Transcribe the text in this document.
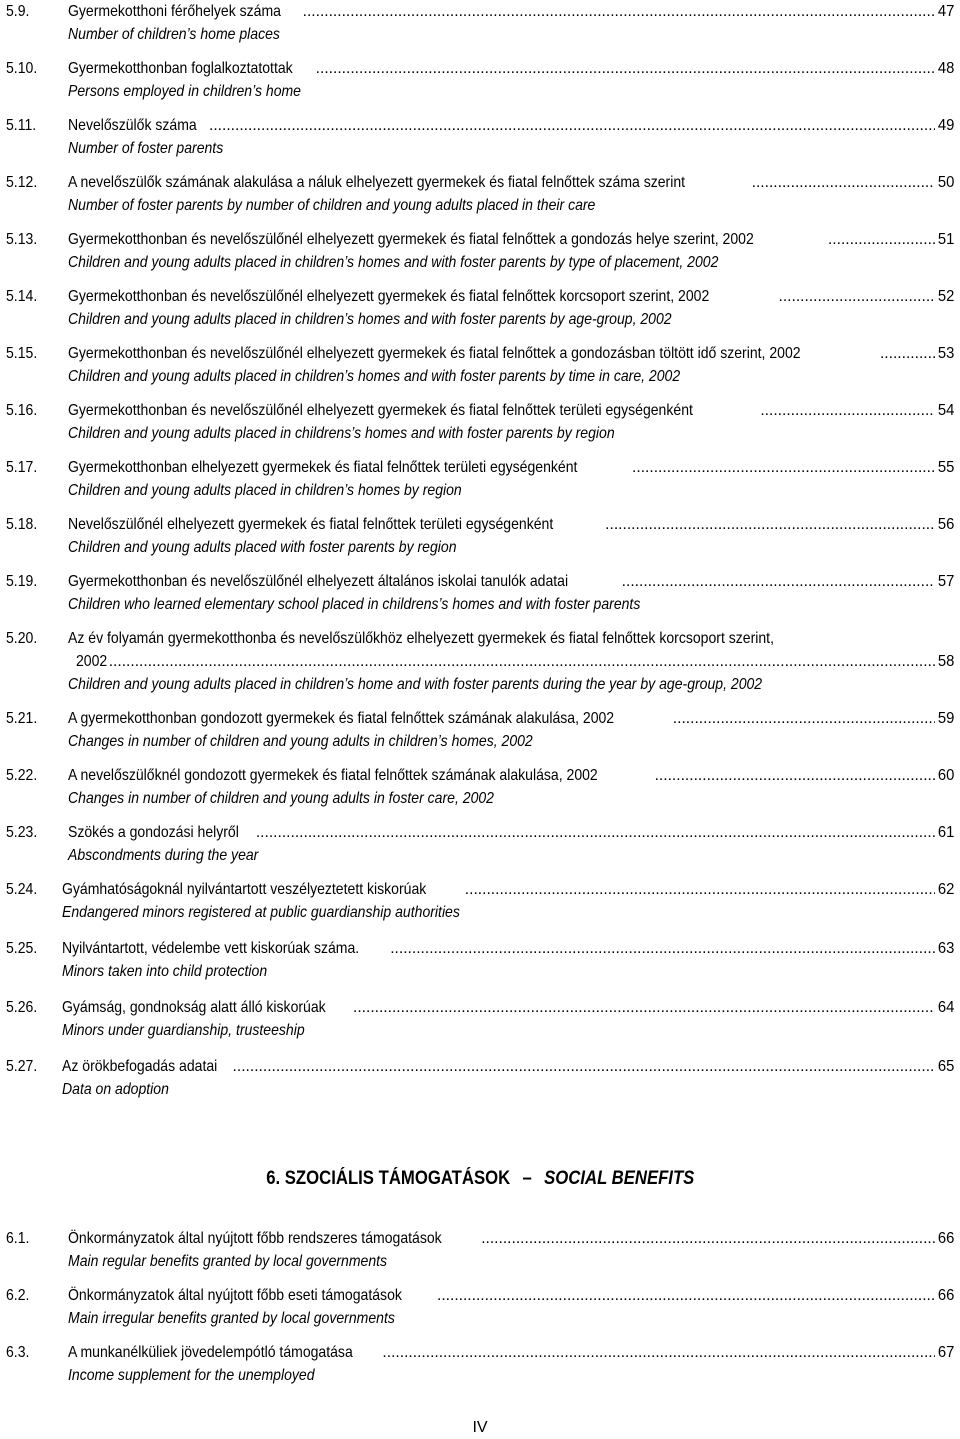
5.9. Gyermekotthoni férőhelyek száma .....	47
Number of children’s home places
5.10. Gyermekotthonban foglalkoztatottak .....	48
Persons employed in children’s home
5.11. Nevelőszülők száma .....	49
Number of foster parents
5.12. A nevelőszülők számának alakulása a náluk elhelyezett gyermekek és fiatal felnőttek száma szerint .....	50
Number of foster parents by number of children and young adults placed in their care
5.13. Gyermekotthonban és nevelőszülőnél elhelyezett gyermekek és fiatal felnőttek a gondozás helye szerint, 2002 .....	51
Children and young adults placed in children’s homes and with foster parents by type of placement, 2002
5.14. Gyermekotthonban és nevelőszülőnél elhelyezett gyermekek és fiatal felnőttek korcsoport szerint, 2002 .....	52
Children and young adults placed in children’s homes and with foster parents by age-group, 2002
5.15. Gyermekotthonban és nevelőszülőnél elhelyezett gyermekek és fiatal felnőttek a gondozásban töltött idő szerint, 2002 .....	53
Children and young adults placed in children’s homes and with foster parents by time in care, 2002
5.16. Gyermekotthonban és nevelőszülőnél elhelyezett gyermekek és fiatal felnőttek területi egységenként .....	54
Children and young adults placed in childrens’s homes and with foster parents by region
5.17. Gyermekotthonban elhelyezett gyermekek és fiatal felnőttek területi egységenként .....	55
Children and young adults placed in children’s homes by region
5.18. Nevelőszülőnél elhelyezett gyermekek és fiatal felnőttek területi egységenként .....	56
Children and young adults placed with foster parents by region
5.19. Gyermekotthonban és nevelőszülőnél elhelyezett általános iskolai tanulók adatai .....	57
Children who learned elementary school placed in childrens’s homes and with foster parents
5.20. Az év folyamán gyermekotthonba és nevelőszülőkhöz elhelyezett gyermekek és fiatal felnőttek korcsoport szerint,
2002 .....	58
Children and young adults placed in children’s home and with foster parents during the year by age-group, 2002
5.21. A gyermekotthonban gondozott gyermekek és fiatal felnőttek számának alakulása, 2002 .....	59
Changes in number of children and young adults in children’s homes, 2002
5.22. A nevelőszülőknél gondozott gyermekek és fiatal felnőttek számának alakulása, 2002 .....	60
Changes in number of children and young adults in foster care, 2002
5.23. Szökés a gondozási helyről .....	61
Abscondments during the year
5.24. Gyámhatóságoknál nyilvántartott veszélyeztetett kiskorúak .....	62
Endangered minors registered at public guardianship authorities
5.25. Nyilvántartott, védelembe vett kiskorúak száma. .....	63
Minors taken into child protection
5.26. Gyámság, gondnokság alatt álló kiskorúak .....	64
Minors under guardianship, trusteeship
5.27. Az örökbefogadás adatai .....	65
Data on adoption
6.1. Önkormányzatok által nyújtott főbb rendszeres támogatások .....	66
Main regular benefits granted by local governments
6.2. Önkormányzatok által nyújtott főbb eseti támogatások .....	66
Main irregular benefits granted by local governments
6.3. A munkanélküliek jövedelempótló támogatása .....	67
Income supplement for the unemployed
6. SZOCIÁLIS TÁMOGATÁSOK – SOCIAL BENEFITS
IV
